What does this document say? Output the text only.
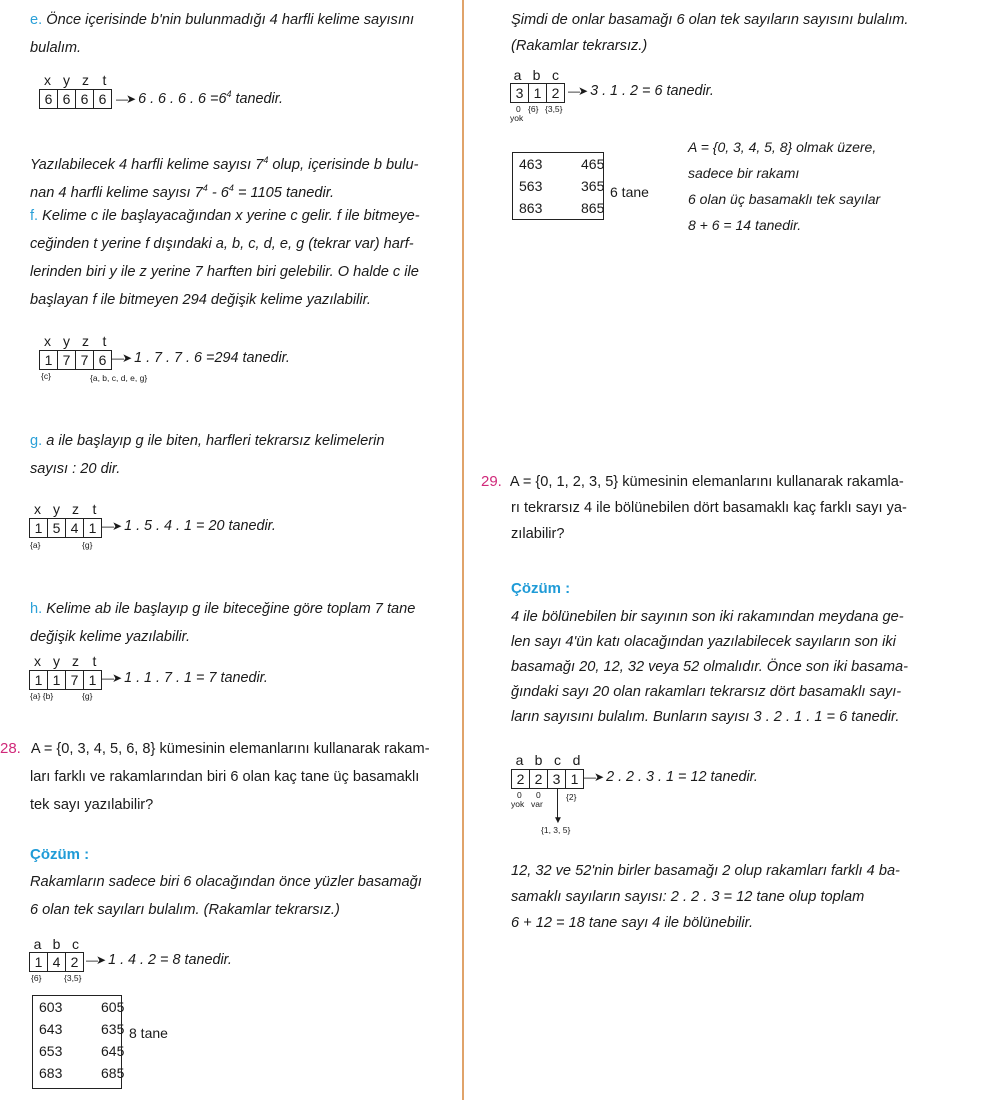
e. Önce içerisinde b'nin bulunmadığı 4 harfli kelime sayısını
bulalım.
x y z t
6 6 6 6 —➤ 6 . 6 . 6 . $6 =6^4$ tanedir.
Yazılabilecek 4 harfli kelime sayısı $7^4$ olup, içerisinde b bulu-
nan 4 harfli kelime sayısı $7^4 - 6^4 = 1105$ tanedir.
f. Kelime c ile başlayacağından x yerine c gelir. f ile bitmeye-
ceğinden t yerine f dışındaki a, b, c, d, e, g (tekrar var) harf-
lerinden biri y ile z yerine 7 harften biri gelebilir. O halde c ile
başlayan f ile bitmeyen 294 değişik kelime yazılabilir.
x y z t
1 7 7 6
{c}	{a, b, c, d, e, g}
—➤ 1 . 7 . 7 . 6 =294 tanedir.
g. a ile başlayıp g ile biten, harfleri tekrarsız kelimelerin
sayısı : 20 dir.
x y z t
1 5 4 1
{a}	{g}
—➤ 1 . 5 . 4 . 1 = 20 tanedir.
h. Kelime ab ile başlayıp g ile biteceğine göre toplam 7 tane
değişik kelime yazılabilir.
x y z t
1 1 7 1
{a} {b}	{g}
—➤ 1 . 1 . 7 . 1 = 7 tanedir.
28. A = {0, 3, 4, 5, 6, 8} kümesinin elemanlarını kullanarak rakam-
ları farklı ve rakamlarından biri 6 olan kaç tane üç basamaklı
tek sayı yazılabilir?
Çözüm :
Rakamların sadece biri 6 olacağından önce yüzler basamağı
6 olan tek sayıları bulalım. (Rakamlar tekrarsız.)
a b c
1 4 2
{6}	{3,5}
—➤ 1 . 4 . 2 = 8 tanedir.
603	605
643	635
653	645
683	685
8 tane
Şimdi de onlar basamağı 6 olan tek sayıların sayısını bulalım.
(Rakamlar tekrarsız.)
a b c
3 1 2
0
yok
{6} {3,5}
—➤ 3 . 1 . 2 = 6 tanedir.
463	465
563	365
863	865
6 tane
A = {0, 3, 4, 5, 8} olmak üzere,
sadece bir rakamı
6 olan üç basamaklı tek sayılar
8 + 6 = 14 tanedir.
29. A = {0, 1, 2, 3, 5} kümesinin elemanlarını kullanarak rakamla-
rı tekrarsız 4 ile bölünebilen dört basamaklı kaç farklı sayı ya-
zılabilir?
Çözüm :
4 ile bölünebilen bir sayının son iki rakamından meydana ge-
len sayı 4'ün katı olacağından yazılabilecek sayıların son iki
basamağı 20, 12, 32 veya 52 olmalıdır. Önce son iki basama-
ğındaki sayı 20 olan rakamları tekrarsız dört basamaklı sayı-
ların sayısını bulalım. Bunların sayısı 3 . 2 . 1 . 1 = 6 tanedir.
a b c d
2 2 3 1
0
yok
0
var
{2}
▼
{1, 3, 5}
—➤ 2 . 2 . 3 . 1 = 12 tanedir.
12, 32 ve 52'nin birler basamağı 2 olup rakamları farklı 4 ba-
samaklı sayıların sayısı: 2 . 2 . 3 = 12 tane olup toplam
6 + 12 = 18 tane sayı 4 ile bölünebilir.
